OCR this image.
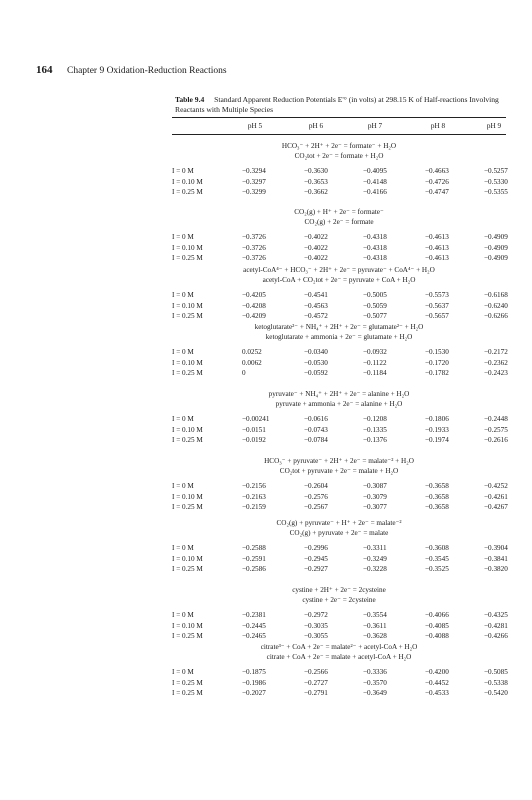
164 Chapter 9 Oxidation-Reduction Reactions
Table 9.4 Standard Apparent Reduction Potentials E'° (in volts) at 298.15 K of Half-reactions Involving Reactants with Multiple Species
pH 5	pH 6	pH 7	pH 8	pH 9
HCO₃⁻ + 2H⁺ + 2e⁻ = formate⁻ + H₂O
CO₂tot + 2e⁻ = formate + H₂O
I = 0 M	−0.3294	−0.3630	−0.4095	−0.4663	−0.5257
I = 0.10 M	−0.3297	−0.3653	−0.4148	−0.4726	−0.5330
I = 0.25 M	−0.3299	−0.3662	−0.4166	−0.4747	−0.5355
CO₂(g) + H⁺ + 2e⁻ = formate⁻
CO₂(g) + 2e⁻ = formate
I = 0 M	−0.3726	−0.4022	−0.4318	−0.4613	−0.4909
I = 0.10 M	−0.3726	−0.4022	−0.4318	−0.4613	−0.4909
I = 0.25 M	−0.3726	−0.4022	−0.4318	−0.4613	−0.4909
acetyl-CoA⁴⁻ + HCO₃⁻ + 2H⁺ + 2e⁻ = pyruvate⁻ + CoA⁴⁻ + H₂O
acetyl-CoA + CO₂tot + 2e⁻ = pyruvate + CoA + H₂O
I = 0 M	−0.4205	−0.4541	−0.5005	−0.5573	−0.6168
I = 0.10 M	−0.4208	−0.4563	−0.5059	−0.5637	−0.6240
I = 0.25 M	−0.4209	−0.4572	−0.5077	−0.5657	−0.6266
ketoglutarate²⁻ + NH₄⁺ + 2H⁺ + 2e⁻ = glutamate²⁻ + H₂O
ketoglutarate + ammonia + 2e⁻ = glutamate + H₂O
I = 0 M	0.0252	−0.0340	−0.0932	−0.1530	−0.2172
I = 0.10 M	0.0062	−0.0530	−0.1122	−0.1720	−0.2362
I = 0.25 M	0	−0.0592	−0.1184	−0.1782	−0.2423
pyruvate⁻ + NH₄⁺ + 2H⁺ + 2e⁻ = alanine + H₂O
pyruvate + ammonia + 2e⁻ = alanine + H₂O
I = 0 M	−0.00241	−0.0616	−0.1208	−0.1806	−0.2448
I = 0.10 M	−0.0151	−0.0743	−0.1335	−0.1933	−0.2575
I = 0.25 M	−0.0192	−0.0784	−0.1376	−0.1974	−0.2616
HCO₃⁻ + pyruvate⁻ + 2H⁺ + 2e⁻ = malate⁻² + H₂O
CO₂tot + pyruvate + 2e⁻ = malate + H₂O
I = 0 M	−0.2156	−0.2604	−0.3087	−0.3658	−0.4252
I = 0.10 M	−0.2163	−0.2576	−0.3079	−0.3658	−0.4261
I = 0.25 M	−0.2159	−0.2567	−0.3077	−0.3658	−0.4267
CO₂(g) + pyruvate⁻ + H⁺ + 2e⁻ = malate⁻²
CO₂(g) + pyruvate + 2e⁻ = malate
I = 0 M	−0.2588	−0.2996	−0.3311	−0.3608	−0.3904
I = 0.10 M	−0.2591	−0.2945	−0.3249	−0.3545	−0.3841
I = 0.25 M	−0.2586	−0.2927	−0.3228	−0.3525	−0.3820
cystine + 2H⁺ + 2e⁻ = 2cysteine
cystine + 2e⁻ = 2cysteine
I = 0 M	−0.2381	−0.2972	−0.3554	−0.4066	−0.4325
I = 0.10 M	−0.2445	−0.3035	−0.3611	−0.4085	−0.4281
I = 0.25 M	−0.2465	−0.3055	−0.3628	−0.4088	−0.4266
citrate³⁻ + CoA + 2e⁻ = malate²⁻ + acetyl-CoA + H₂O
citrate + CoA + 2e⁻ = malate + acetyl-CoA + H₂O
I = 0 M	−0.1875	−0.2566	−0.3336	−0.4200	−0.5085
I = 0.25 M	−0.1986	−0.2727	−0.3570	−0.4452	−0.5338
I = 0.25 M	−0.2027	−0.2791	−0.3649	−0.4533	−0.5420
